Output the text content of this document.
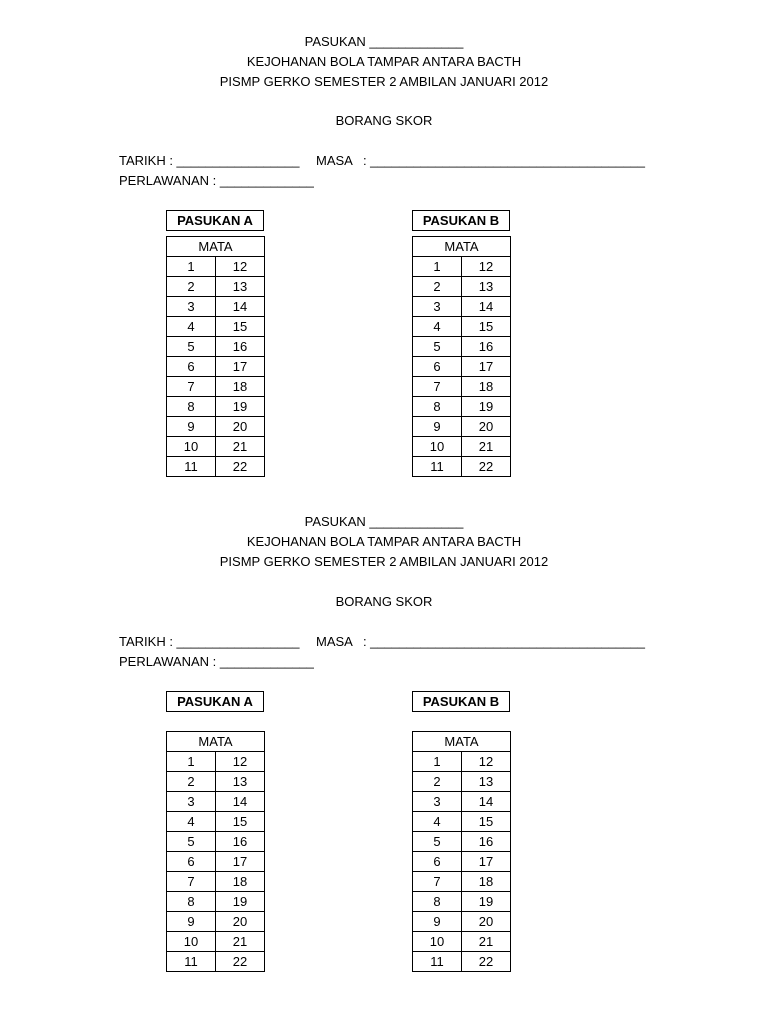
PASUKAN _____________
KEJOHANAN BOLA TAMPAR ANTARA BACTH
PISMP GERKO SEMESTER 2 AMBILAN JANUARI 2012
BORANG SKOR
TARIKH : _________________ MASA   : ______________________________________
PERLAWANAN : _____________
PASUKAN A	PASUKAN B
MATA	
1	12
2	13
3	14
4	15
5	16
6	17
7	18
8	19
9	20
10	21
11	22
MATA	
1	12
2	13
3	14
4	15
5	16
6	17
7	18
8	19
9	20
10	21
11	22
PASUKAN _____________
KEJOHANAN BOLA TAMPAR ANTARA BACTH
PISMP GERKO SEMESTER 2 AMBILAN JANUARI 2012
BORANG SKOR
TARIKH : _________________ MASA   : ______________________________________
PERLAWANAN : _____________
PASUKAN A	PASUKAN B
MATA	
1	12
2	13
3	14
4	15
5	16
6	17
7	18
8	19
9	20
10	21
11	22
MATA	
1	12
2	13
3	14
4	15
5	16
6	17
7	18
8	19
9	20
10	21
11	22
